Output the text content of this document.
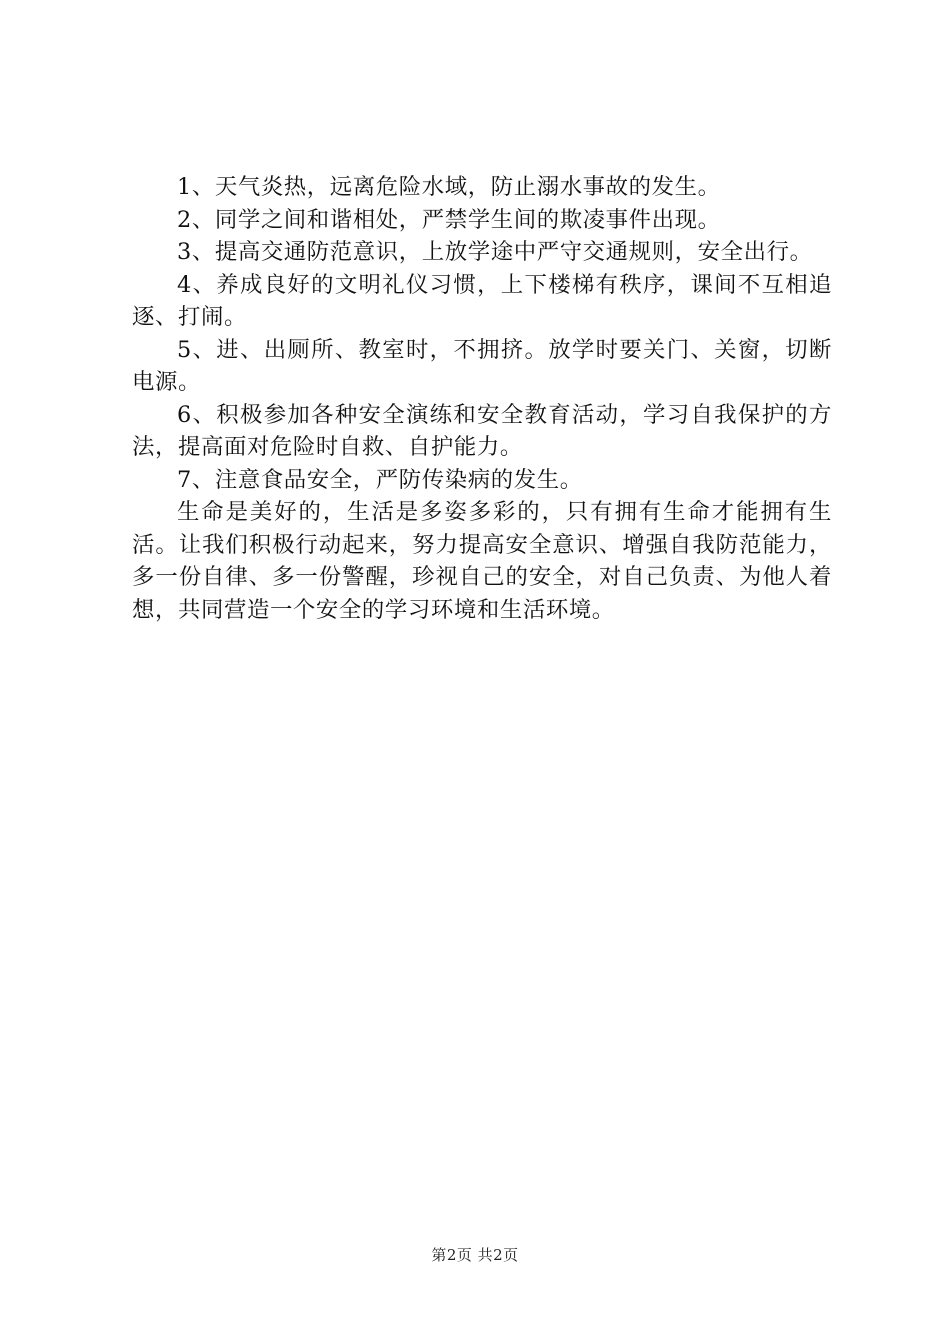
1、天气炎热，远离危险水域，防止溺水事故的发生。

2、同学之间和谐相处，严禁学生间的欺凌事件出现。

3、提高交通防范意识，上放学途中严守交通规则，安全出行。

4、养成良好的文明礼仪习惯，上下楼梯有秩序，课间不互相追逐、打闹。

5、进、出厕所、教室时，不拥挤。放学时要关门、关窗，切断电源。

6、积极参加各种安全演练和安全教育活动，学习自我保护的方法，提高面对危险时自救、自护能力。

7、注意食品安全，严防传染病的发生。

生命是美好的，生活是多姿多彩的，只有拥有生命才能拥有生活。让我们积极行动起来，努力提高安全意识、增强自我防范能力，多一份自律、多一份警醒，珍视自己的安全，对自己负责、为他人着想，共同营造一个安全的学习环境和生活环境。

第2页 共2页
